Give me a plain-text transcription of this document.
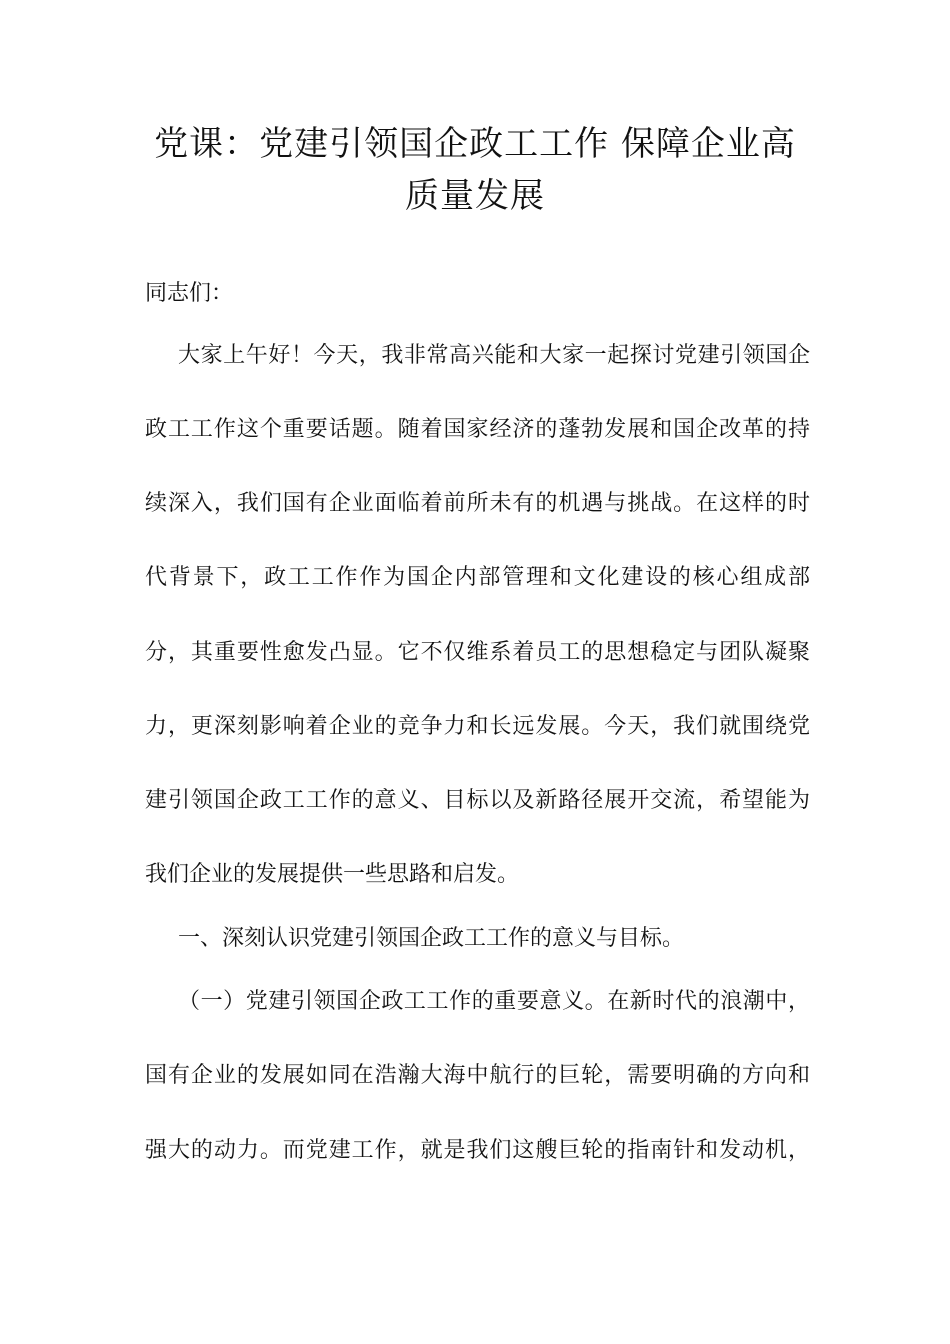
党课：党建引领国企政工工作 保障企业高
质量发展

同志们：

大家上午好！今天，我非常高兴能和大家一起探讨党建引领国企

政工工作这个重要话题。随着国家经济的蓬勃发展和国企改革的持

续深入，我们国有企业面临着前所未有的机遇与挑战。在这样的时

代背景下，政工工作作为国企内部管理和文化建设的核心组成部

分，其重要性愈发凸显。它不仅维系着员工的思想稳定与团队凝聚

力，更深刻影响着企业的竞争力和长远发展。今天，我们就围绕党

建引领国企政工工作的意义、目标以及新路径展开交流，希望能为

我们企业的发展提供一些思路和启发。

一、深刻认识党建引领国企政工工作的意义与目标。

（一）党建引领国企政工工作的重要意义。在新时代的浪潮中，

国有企业的发展如同在浩瀚大海中航行的巨轮，需要明确的方向和

强大的动力。而党建工作，就是我们这艘巨轮的指南针和发动机，
